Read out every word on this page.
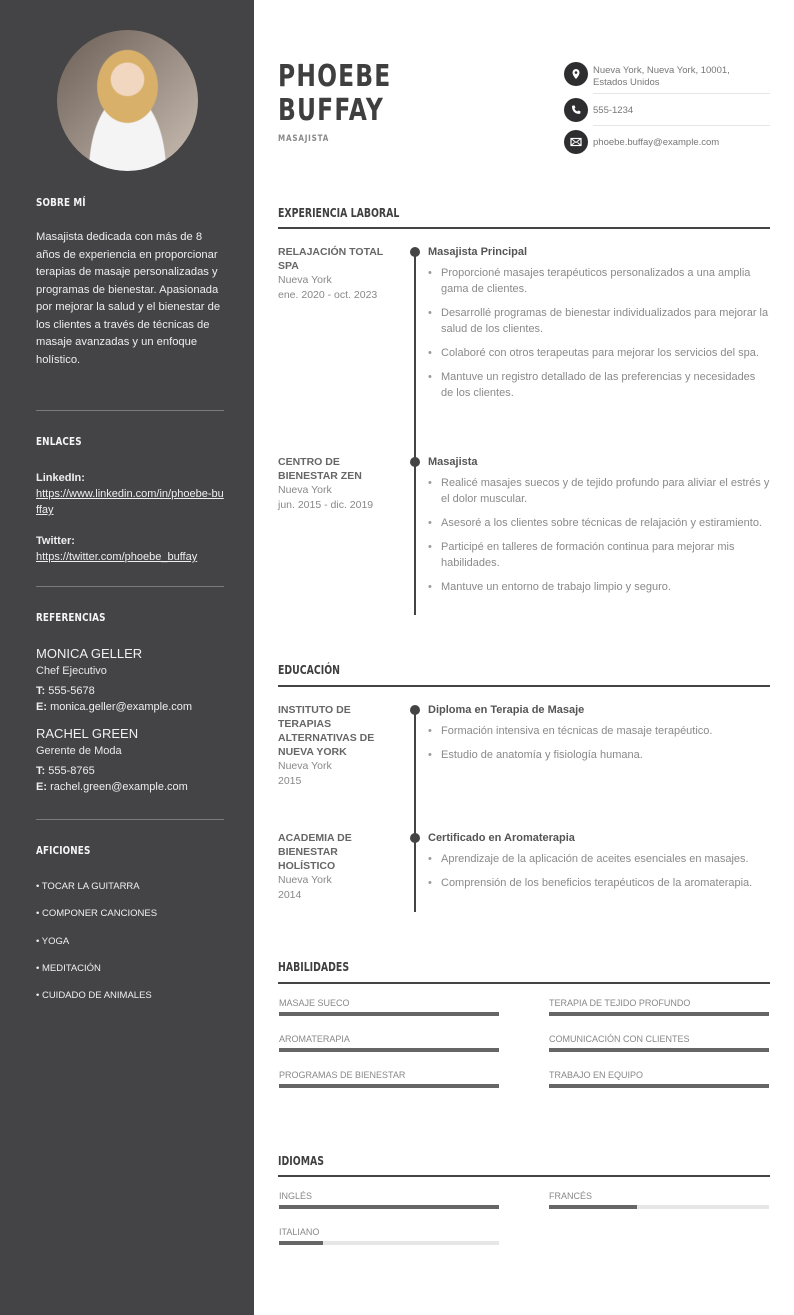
SOBRE MÍ
Masajista dedicada con más de 8 años de experiencia en proporcionar terapias de masaje personalizadas y programas de bienestar. Apasionada por mejorar la salud y el bienestar de los clientes a través de técnicas de masaje avanzadas y un enfoque holístico.
ENLACES
LinkedIn:
https://www.linkedin.com/in/phoebe-buffay
Twitter:
https://twitter.com/phoebe_buffay
REFERENCIAS
MONICA GELLER
Chef Ejecutivo
T: 555-5678
E: monica.geller@example.com
RACHEL GREEN
Gerente de Moda
T: 555-8765
E: rachel.green@example.com
AFICIONES
• TOCAR LA GUITARRA
• COMPONER CANCIONES
• YOGA
• MEDITACIÓN
• CUIDADO DE ANIMALES
PHOEBE
BUFFAY
MASAJISTA
Nueva York, Nueva York, 10001,
Estados Unidos
555-1234
phoebe.buffay@example.com
EXPERIENCIA LABORAL
RELAJACIÓN TOTAL SPA
Nueva York
ene. 2020 - oct. 2023
Masajista Principal
• Proporcioné masajes terapéuticos personalizados a una amplia gama de clientes.
• Desarrollé programas de bienestar individualizados para mejorar la salud de los clientes.
• Colaboré con otros terapeutas para mejorar los servicios del spa.
• Mantuve un registro detallado de las preferencias y necesidades de los clientes.
CENTRO DE BIENESTAR ZEN
Nueva York
jun. 2015 - dic. 2019
Masajista
• Realicé masajes suecos y de tejido profundo para aliviar el estrés y el dolor muscular.
• Asesoré a los clientes sobre técnicas de relajación y estiramiento.
• Participé en talleres de formación continua para mejorar mis habilidades.
• Mantuve un entorno de trabajo limpio y seguro.
EDUCACIÓN
INSTITUTO DE TERAPIAS ALTERNATIVAS DE NUEVA YORK
Nueva York
2015
Diploma en Terapia de Masaje
• Formación intensiva en técnicas de masaje terapéutico.
• Estudio de anatomía y fisiología humana.
ACADEMIA DE BIENESTAR HOLÍSTICO
Nueva York
2014
Certificado en Aromaterapia
• Aprendizaje de la aplicación de aceites esenciales en masajes.
• Comprensión de los beneficios terapéuticos de la aromaterapia.
HABILIDADES
MASAJE SUECO	TERAPIA DE TEJIDO PROFUNDO
AROMATERAPIA	COMUNICACIÓN CON CLIENTES
PROGRAMAS DE BIENESTAR	TRABAJO EN EQUIPO
IDIOMAS
INGLÉS	FRANCÉS
ITALIANO
